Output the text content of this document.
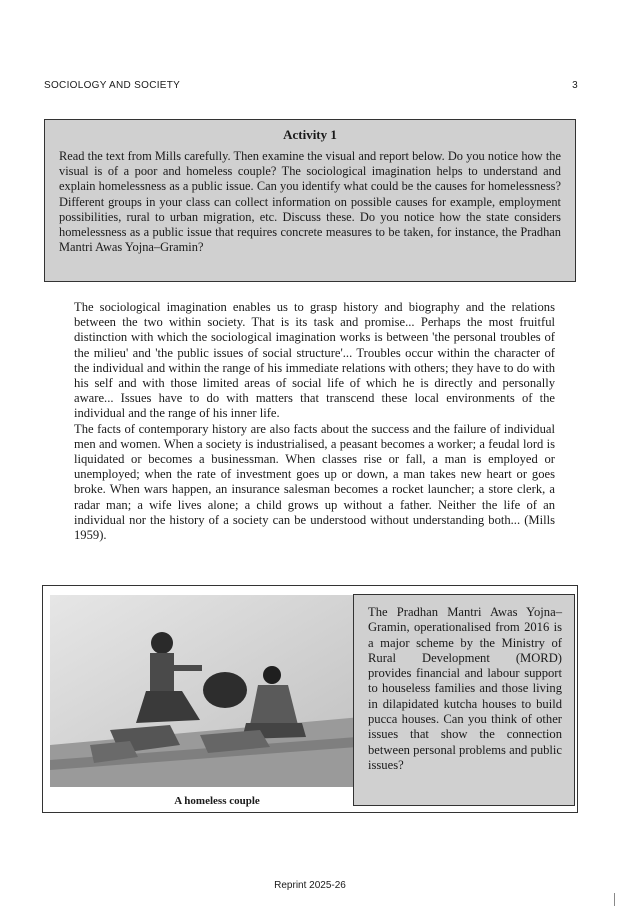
SOCIOLOGY AND SOCIETY	3
Activity 1

Read the text from Mills carefully. Then examine the visual and report below. Do you notice how the visual is of a poor and homeless couple? The sociological imagination helps to understand and explain homelessness as a public issue. Can you identify what could be the causes for homelessness? Different groups in your class can collect information on possible causes for example, employment possibilities, rural to urban migration, etc. Discuss these. Do you notice how the state considers homelessness as a public issue that requires concrete measures to be taken, for instance, the Pradhan Mantri Awas Yojna–Gramin?

The sociological imagination enables us to grasp history and biography and the relations between the two within society. That is its task and promise... Perhaps the most fruitful distinction with which the sociological imagination works is between 'the personal troubles of the milieu' and 'the public issues of social structure'... Troubles occur within the character of the individual and within the range of his immediate relations with others; they have to do with his self and with those limited areas of social life of which he is directly and personally aware... Issues have to do with matters that transcend these local environments of the individual and the range of his inner life.

The facts of contemporary history are also facts about the success and the failure of individual men and women. When a society is industrialised, a peasant becomes a worker; a feudal lord is liquidated or becomes a businessman. When classes rise or fall, a man is employed or unemployed; when the rate of investment goes up or down, a man takes new heart or goes broke. When wars happen, an insurance salesman becomes a rocket launcher; a store clerk, a radar man; a wife lives alone; a child grows up without a father. Neither the life of an individual nor the history of a society can be understood without understanding both... (Mills 1959).

A homeless couple
The Pradhan Mantri Awas Yojna–Gramin, operationalised from 2016 is a major scheme by the Ministry of Rural Development (MORD) provides financial and labour support to houseless families and those living in dilapidated kutcha houses to build pucca houses. Can you think of other issues that show the connection between personal problems and public issues?
Reprint 2025-26
